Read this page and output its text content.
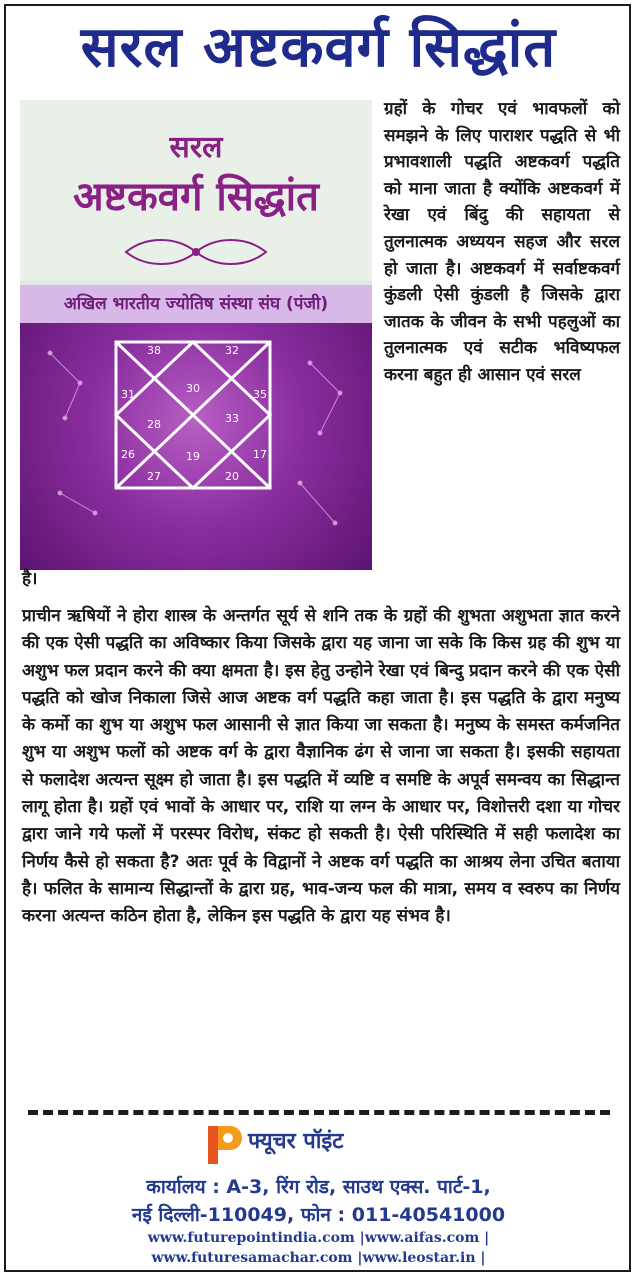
सरल अष्टकवर्ग सिद्धांत
सरल
अष्टकवर्ग सिद्धांत
अखिल भारतीय ज्योतिष संस्था संघ (पंजी)
38	32
31	30	35
28	33
26	19	17
27	20
ग्रहों के गोचर एवं भावफलों को समझने के लिए पाराशर पद्धति से भी प्रभावशाली पद्धति अष्टकवर्ग पद्धति को माना जाता है क्योंकि अष्टकवर्ग में रेखा एवं बिंदु की सहायता से तुलनात्मक अध्ययन सहज और सरल हो जाता है। अष्टकवर्ग में सर्वाष्टकवर्ग कुंडली ऐसी कुंडली है जिसके द्वारा जातक के जीवन के सभी पहलुओं का तुलनात्मक एवं सटीक भविष्यफल करना बहुत ही आसान एवं सरल
है।
प्राचीन ऋषियों ने होरा शास्त्र के अन्तर्गत सूर्य से शनि तक के ग्रहों की शुभता अशुभता ज्ञात करने की एक ऐसी पद्धति का अविष्कार किया जिसके द्वारा यह जाना जा सके कि किस ग्रह की शुभ या अशुभ फल प्रदान करने की क्या क्षमता है। इस हेतु उन्होने रेखा एवं बिन्दु प्रदान करने की एक ऐसी पद्धति को खोज निकाला जिसे आज अष्टक वर्ग पद्धति कहा जाता है। इस पद्धति के द्वारा मनुष्य के कर्मो का शुभ या अशुभ फल आसानी से ज्ञात किया जा सकता है। मनुष्य के समस्त कर्मजनित शुभ या अशुभ फलों को अष्टक वर्ग के द्वारा वैज्ञानिक ढंग से जाना जा सकता है। इसकी सहायता से फलादेश अत्यन्त सूक्ष्म हो जाता है। इस पद्धति में व्यष्टि व समष्टि के अपूर्व समन्वय का सिद्धान्त लागू होता है। ग्रहों एवं भावों के आधार पर, राशि या लग्न के आधार पर, विशोत्तरी दशा या गोचर द्वारा जाने गये फलों में परस्पर विरोध, संकट हो सकती है। ऐसी परिस्थिति में सही फलादेश का निर्णय कैसे हो सकता है? अतः पूर्व के विद्वानों ने अष्टक वर्ग पद्धति का आश्रय लेना उचित बताया है। फलित के सामान्य सिद्धान्तों के द्वारा ग्रह, भाव-जन्य फल की मात्रा, समय व स्वरुप का निर्णय करना अत्यन्त कठिन होता है, लेकिन इस पद्धति के द्वारा यह संभव है।
फ्यूचर पॉइंट
कार्यालय : A-3, रिंग रोड, साउथ एक्स. पार्ट-1,
नई दिल्ली-110049, फोन : 011-40541000
www.futurepointindia.com |www.aifas.com |
www.futuresamachar.com |www.leostar.in |
